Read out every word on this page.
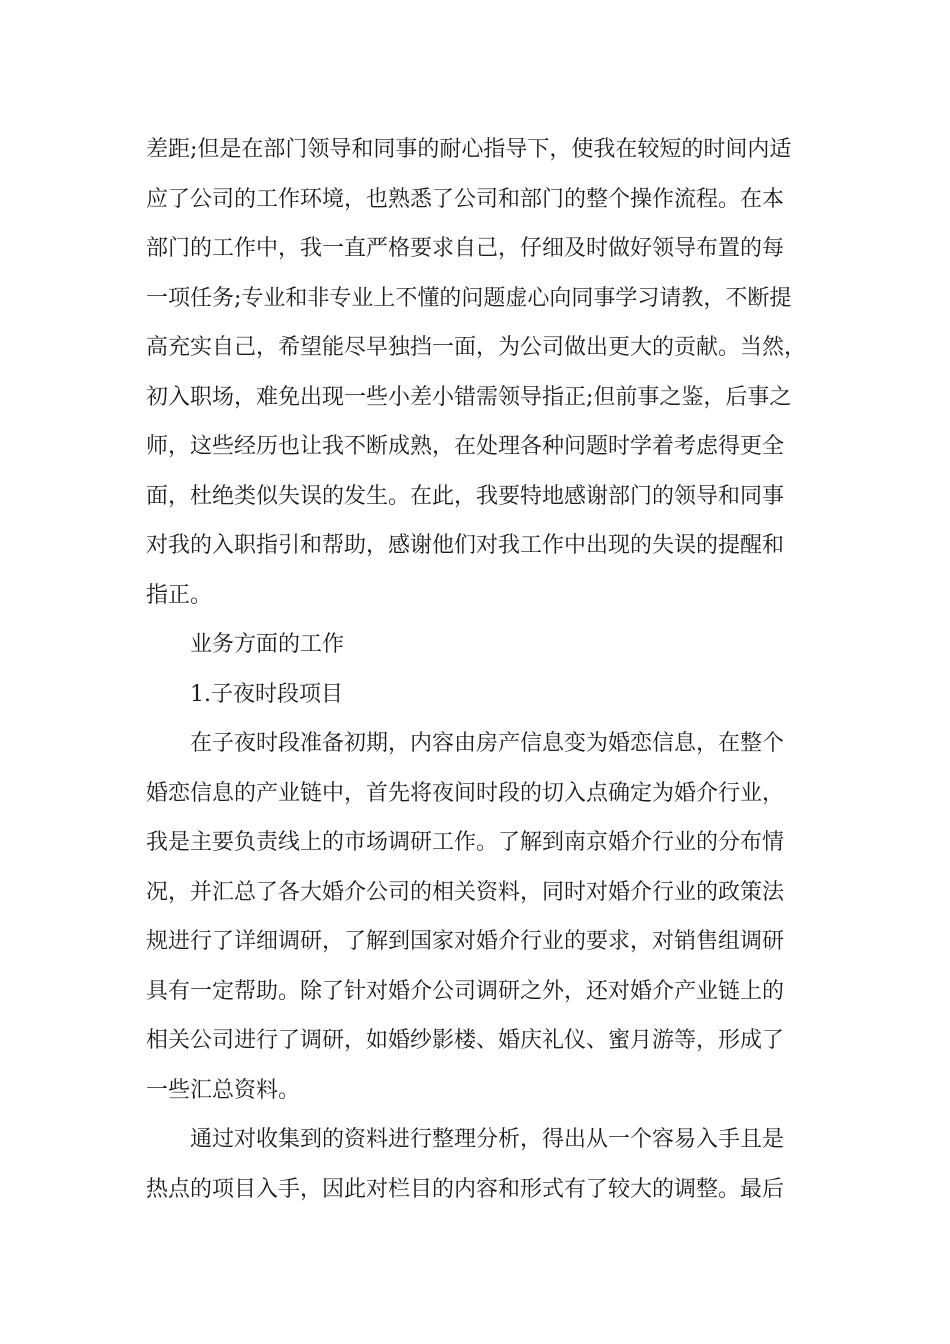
差距;但是在部门领导和同事的耐心指导下，使我在较短的时间内适
应了公司的工作环境，也熟悉了公司和部门的整个操作流程。在本
部门的工作中，我一直严格要求自己，仔细及时做好领导布置的每
一项任务;专业和非专业上不懂的问题虚心向同事学习请教，不断提
高充实自己，希望能尽早独挡一面，为公司做出更大的贡献。当然，
初入职场，难免出现一些小差小错需领导指正;但前事之鉴，后事之
师，这些经历也让我不断成熟，在处理各种问题时学着考虑得更全
面，杜绝类似失误的发生。在此，我要特地感谢部门的领导和同事
对我的入职指引和帮助，感谢他们对我工作中出现的失误的提醒和
指正。
业务方面的工作
1.子夜时段项目
在子夜时段准备初期，内容由房产信息变为婚恋信息，在整个
婚恋信息的产业链中，首先将夜间时段的切入点确定为婚介行业，
我是主要负责线上的市场调研工作。了解到南京婚介行业的分布情
况，并汇总了各大婚介公司的相关资料，同时对婚介行业的政策法
规进行了详细调研，了解到国家对婚介行业的要求，对销售组调研
具有一定帮助。除了针对婚介公司调研之外，还对婚介产业链上的
相关公司进行了调研，如婚纱影楼、婚庆礼仪、蜜月游等，形成了
一些汇总资料。
通过对收集到的资料进行整理分析，得出从一个容易入手且是
热点的项目入手，因此对栏目的内容和形式有了较大的调整。最后
